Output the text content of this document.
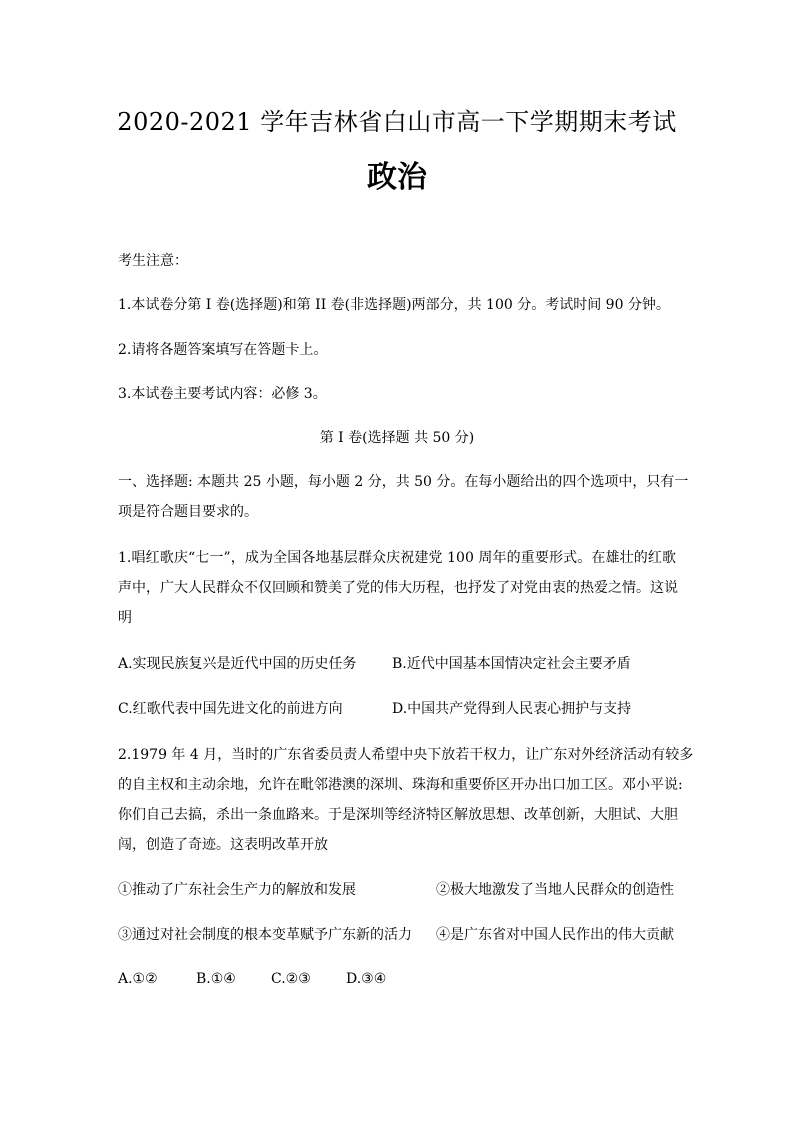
2020-2021 学年吉林省白山市高一下学期期末考试
政治
考生注意：
1.本试卷分第 I 卷(选择题)和第 II 卷(非选择题)两部分，共 100 分。考试时间 90 分钟。
2.请将各题答案填写在答题卡上。
3.本试卷主要考试内容：必修 3。
第 I 卷(选择题 共 50 分)
一、选择题: 本题共 25 小题，每小题 2 分，共 50 分。在每小题给出的四个选项中，只有一
项是符合题目要求的。
1.唱红歌庆“七一”，成为全国各地基层群众庆祝建党 100 周年的重要形式。在雄壮的红歌
声中，广大人民群众不仅回顾和赞美了党的伟大历程，也抒发了对党由衷的热爱之情。这说
明
A.实现民族复兴是近代中国的历史任务	B.近代中国基本国情决定社会主要矛盾
C.红歌代表中国先进文化的前进方向	D.中国共产党得到人民衷心拥护与支持
2.1979 年 4 月，当时的广东省委员责人希望中央下放若干权力，让广东对外经济活动有较多
的自主权和主动余地，允许在毗邻港澳的深圳、珠海和重要侨区开办出口加工区。邓小平说:
你们自己去搞，杀出一条血路来。于是深圳等经济特区解放思想、改革创新，大胆试、大胆
闯，创造了奇迹。这表明改革开放
①推动了广东社会生产力的解放和发展	②极大地激发了当地人民群众的创造性
③通过对社会制度的根本变革赋予广东新的活力 ④是广东省对中国人民作出的伟大贡献
A.①②	B.①④	C.②③	D.③④
